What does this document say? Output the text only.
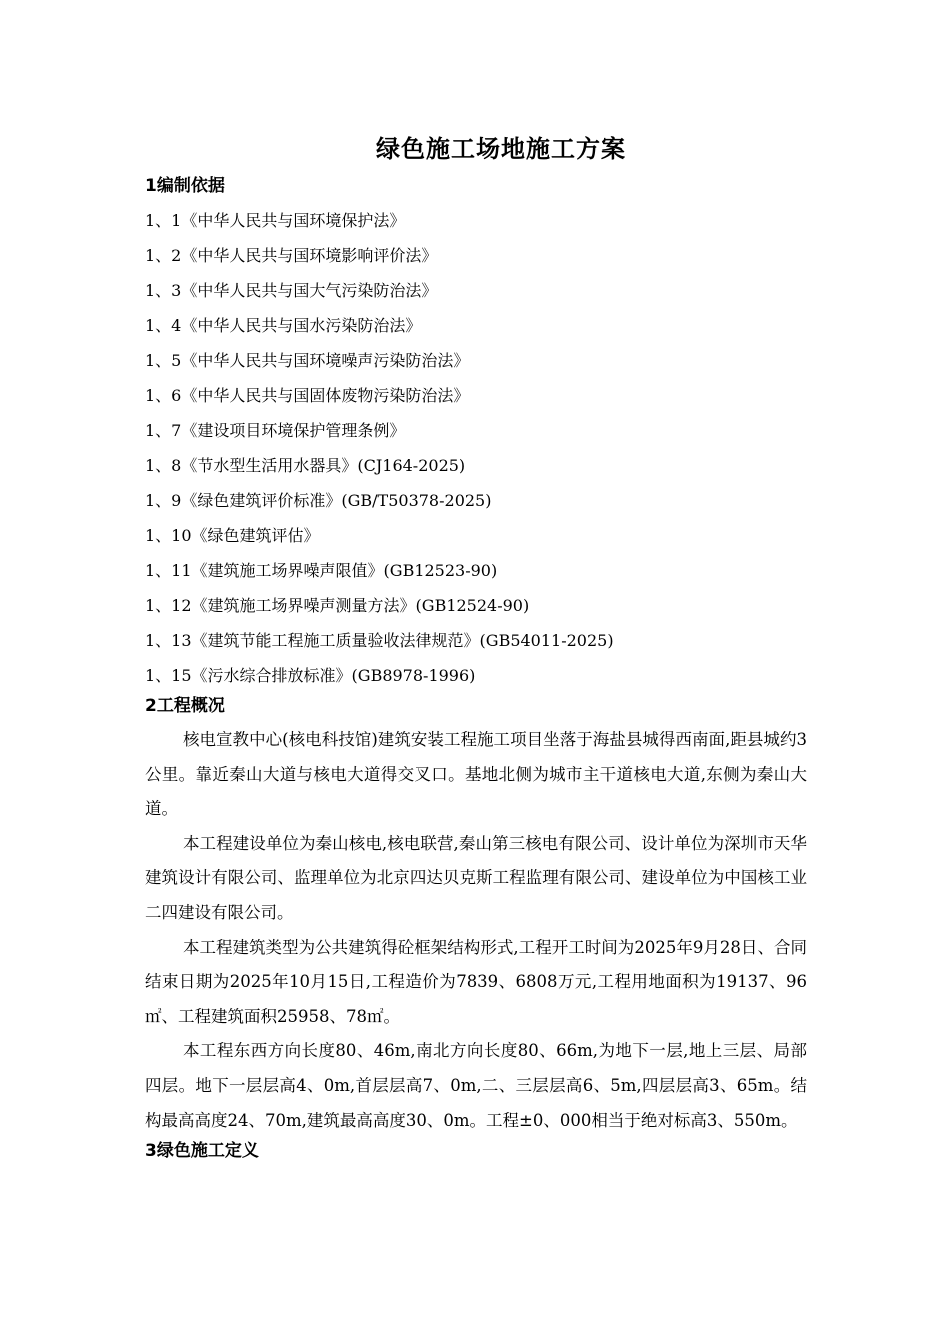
绿色施工场地施工方案
1编制依据
1、1《中华人民共与国环境保护法》
1、2《中华人民共与国环境影响评价法》
1、3《中华人民共与国大气污染防治法》
1、4《中华人民共与国水污染防治法》
1、5《中华人民共与国环境噪声污染防治法》
1、6《中华人民共与国固体废物污染防治法》
1、7《建设项目环境保护管理条例》
1、8《节水型生活用水器具》(CJ164-2025)
1、9《绿色建筑评价标准》(GB/T50378-2025)
1、10《绿色建筑评估》
1、11《建筑施工场界噪声限值》(GB12523-90)
1、12《建筑施工场界噪声测量方法》(GB12524-90)
1、13《建筑节能工程施工质量验收法律规范》(GB54011-2025)
1、15《污水综合排放标准》(GB8978-1996)
2工程概况

核电宣教中心(核电科技馆)建筑安装工程施工项目坐落于海盐县城得西南面,距县城约3公里。靠近秦山大道与核电大道得交叉口。基地北侧为城市主干道核电大道,东侧为秦山大道。

本工程建设单位为秦山核电,核电联营,秦山第三核电有限公司、设计单位为深圳市天华建筑设计有限公司、监理单位为北京四达贝克斯工程监理有限公司、建设单位为中国核工业二四建设有限公司。

本工程建筑类型为公共建筑得砼框架结构形式,工程开工时间为2025年9月28日、合同结束日期为2025年10月15日,工程造价为7839、6808万元,工程用地面积为19137、96㎡、工程建筑面积25958、78㎡。

本工程东西方向长度80、46m,南北方向长度80、66m,为地下一层,地上三层、局部四层。地下一层层高4、0m,首层层高7、0m,二、三层层高6、5m,四层层高3、65m。结构最高高度24、70m,建筑最高高度30、0m。工程±0、000相当于绝对标高3、550m。

3绿色施工定义
